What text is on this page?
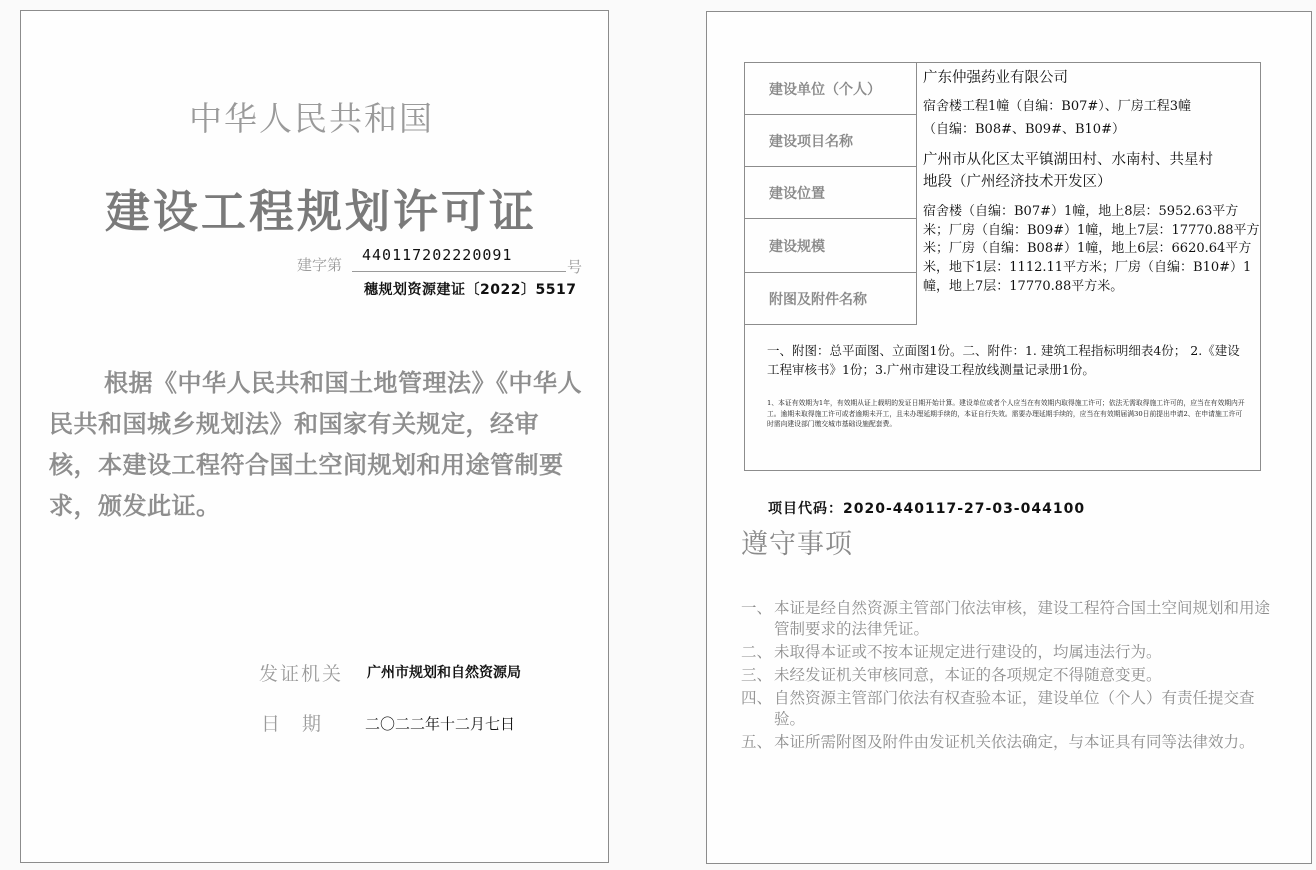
中华人民共和国
建设工程规划许可证
建字第
440117202220091
号
穗规划资源建证〔2022〕5517
根据《中华人民共和国土地管理法》《中华人民共和国城乡规划法》和国家有关规定，经审核，本建设工程符合国土空间规划和用途管制要求，颁发此证。
发证机关 广州市规划和自然资源局
日期 二〇二二年十二月七日
建设单位（个人）
建设项目名称
建设位置
建设规模
附图及附件名称
广东仲强药业有限公司
宿舍楼工程1幢（自编：B07#）、厂房工程3幢
（自编：B08#、B09#、B10#）
广州市从化区太平镇湖田村、水南村、共星村
地段（广州经济技术开发区）
宿舍楼（自编：B07#）1幢，地上8层：5952.63平方
米；厂房（自编：B09#）1幢，地上7层：17770.88平方
米；厂房（自编：B08#）1幢，地上6层：6620.64平方
米，地下1层：1112.11平方米；厂房（自编：B10#）1
幢，地上7层：17770.88平方米。
一、附图：总平面图、立面图1份。二、附件：1. 建筑工程指标明细表4份； 2.《建设工程审核书》1份；3.广州市建设工程放线测量记录册1份。
1、本证有效期为1年，有效期从证上载明的发证日期开始计算。建设单位或者个人应当在有效期内取得施工许可；依法无需取得施工许可的，应当在有效期内开工。逾期未取得施工许可或者逾期未开工，且未办理延期手续的，本证自行失效。需要办理延期手续的，应当在有效期届满30日前提出申请2、在申请施工许可时需向建设部门缴交城市基础设施配套费。
项目代码：2020-440117-27-03-044100
遵守事项
一、 本证是经自然资源主管部门依法审核，建设工程符合国土空间规划和用途管制要求的法律凭证。
二、 未取得本证或不按本证规定进行建设的，均属违法行为。
三、 未经发证机关审核同意，本证的各项规定不得随意变更。
四、 自然资源主管部门依法有权查验本证，建设单位（个人）有责任提交查验。
五、 本证所需附图及附件由发证机关依法确定，与本证具有同等法律效力。
